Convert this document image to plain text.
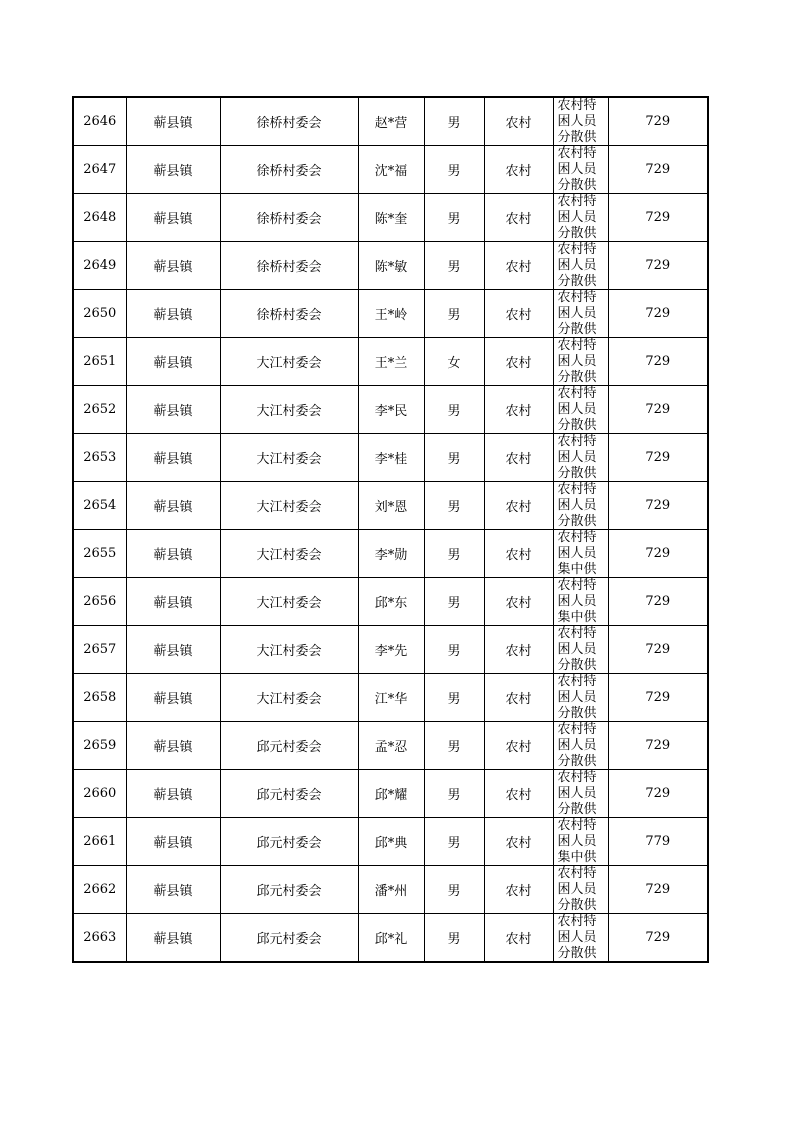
2646	蕲县镇	徐桥村委会	赵*营	男	农村	农村特困人员分散供	729
2647	蕲县镇	徐桥村委会	沈*福	男	农村	农村特困人员分散供	729
2648	蕲县镇	徐桥村委会	陈*奎	男	农村	农村特困人员分散供	729
2649	蕲县镇	徐桥村委会	陈*敏	男	农村	农村特困人员分散供	729
2650	蕲县镇	徐桥村委会	王*岭	男	农村	农村特困人员分散供	729
2651	蕲县镇	大江村委会	王*兰	女	农村	农村特困人员分散供	729
2652	蕲县镇	大江村委会	李*民	男	农村	农村特困人员分散供	729
2653	蕲县镇	大江村委会	李*桂	男	农村	农村特困人员分散供	729
2654	蕲县镇	大江村委会	刘*恩	男	农村	农村特困人员分散供	729
2655	蕲县镇	大江村委会	李*勋	男	农村	农村特困人员集中供	729
2656	蕲县镇	大江村委会	邱*东	男	农村	农村特困人员集中供	729
2657	蕲县镇	大江村委会	李*先	男	农村	农村特困人员分散供	729
2658	蕲县镇	大江村委会	江*华	男	农村	农村特困人员分散供	729
2659	蕲县镇	邱元村委会	孟*忍	男	农村	农村特困人员分散供	729
2660	蕲县镇	邱元村委会	邱*耀	男	农村	农村特困人员分散供	729
2661	蕲县镇	邱元村委会	邱*典	男	农村	农村特困人员集中供	779
2662	蕲县镇	邱元村委会	潘*州	男	农村	农村特困人员分散供	729
2663	蕲县镇	邱元村委会	邱*礼	男	农村	农村特困人员分散供	729
